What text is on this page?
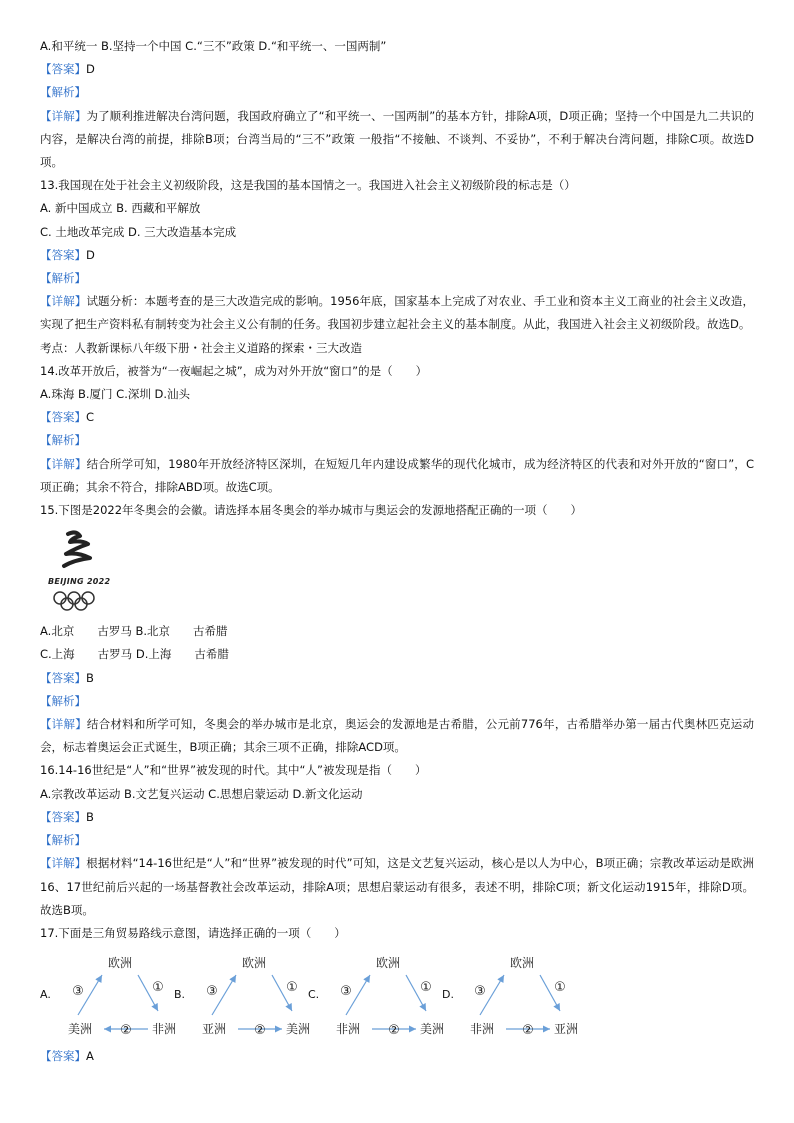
A.和平统一 B.坚持一个中国 C.“三不”政策 D.“和平统一、一国两制”
【答案】D
【解析】
【详解】为了顺利推进解决台湾问题，我国政府确立了“和平统一、一国两制”的基本方针，排除A项，D项正确；坚持一个中国是九二共识的内容，是解决台湾的前提，排除B项；台湾当局的“三不”政策 一般指“不接触、不谈判、不妥协”，不利于解决台湾问题，排除C项。故选D项。
13.我国现在处于社会主义初级阶段，这是我国的基本国情之一。我国进入社会主义初级阶段的标志是（）
A. 新中国成立 B. 西藏和平解放
C. 土地改革完成 D. 三大改造基本完成
【答案】D
【解析】
【详解】试题分析：本题考查的是三大改造完成的影响。1956年底，国家基本上完成了对农业、手工业和资本主义工商业的社会主义改造，实现了把生产资料私有制转变为社会主义公有制的任务。我国初步建立起社会主义的基本制度。从此，我国进入社会主义初级阶段。故选D。
考点：人教新课标八年级下册・社会主义道路的探索・三大改造
14.改革开放后，被誉为“一夜崛起之城”，成为对外开放“窗口”的是（　　）
A.珠海 B.厦门 C.深圳 D.汕头
【答案】C
【解析】
【详解】结合所学可知，1980年开放经济特区深圳，在短短几年内建设成繁华的现代化城市，成为经济特区的代表和对外开放的“窗口”，C项正确；其余不符合，排除ABD项。故选C项。
15.下图是2022年冬奥会的会徽。请选择本届冬奥会的举办城市与奥运会的发源地搭配正确的一项（　　）
BEIJING 2022
A.北京　　古罗马 B.北京　　古希腊
C.上海　　古罗马 D.上海　　古希腊
【答案】B
【解析】
【详解】结合材料和所学可知，冬奥会的举办城市是北京，奥运会的发源地是古希腊，公元前776年，古希腊举办第一届古代奥林匹克运动会，标志着奥运会正式诞生，B项正确；其余三项不正确，排除ACD项。
16.14-16世纪是“人”和“世界”被发现的时代。其中“人”被发现是指（　　）
A.宗教改革运动 B.文艺复兴运动 C.思想启蒙运动 D.新文化运动
【答案】B
【解析】
【详解】根据材料“14-16世纪是“人”和“世界”被发现的时代”可知，这是文艺复兴运动，核心是以人为中心，B项正确；宗教改革运动是欧洲16、17世纪前后兴起的一场基督教社会改革运动，排除A项；思想启蒙运动有很多，表述不明，排除C项；新文化运动1915年，排除D项。故选B项。
17.下面是三角贸易路线示意图，请选择正确的一项（　　）
A.
欧洲
美洲	非洲
③	①
②
B.
欧洲
亚洲	美洲
③	①
②
C.
欧洲
非洲	美洲
③	①
②
D.
欧洲
非洲	亚洲
③	①
②
【答案】A
